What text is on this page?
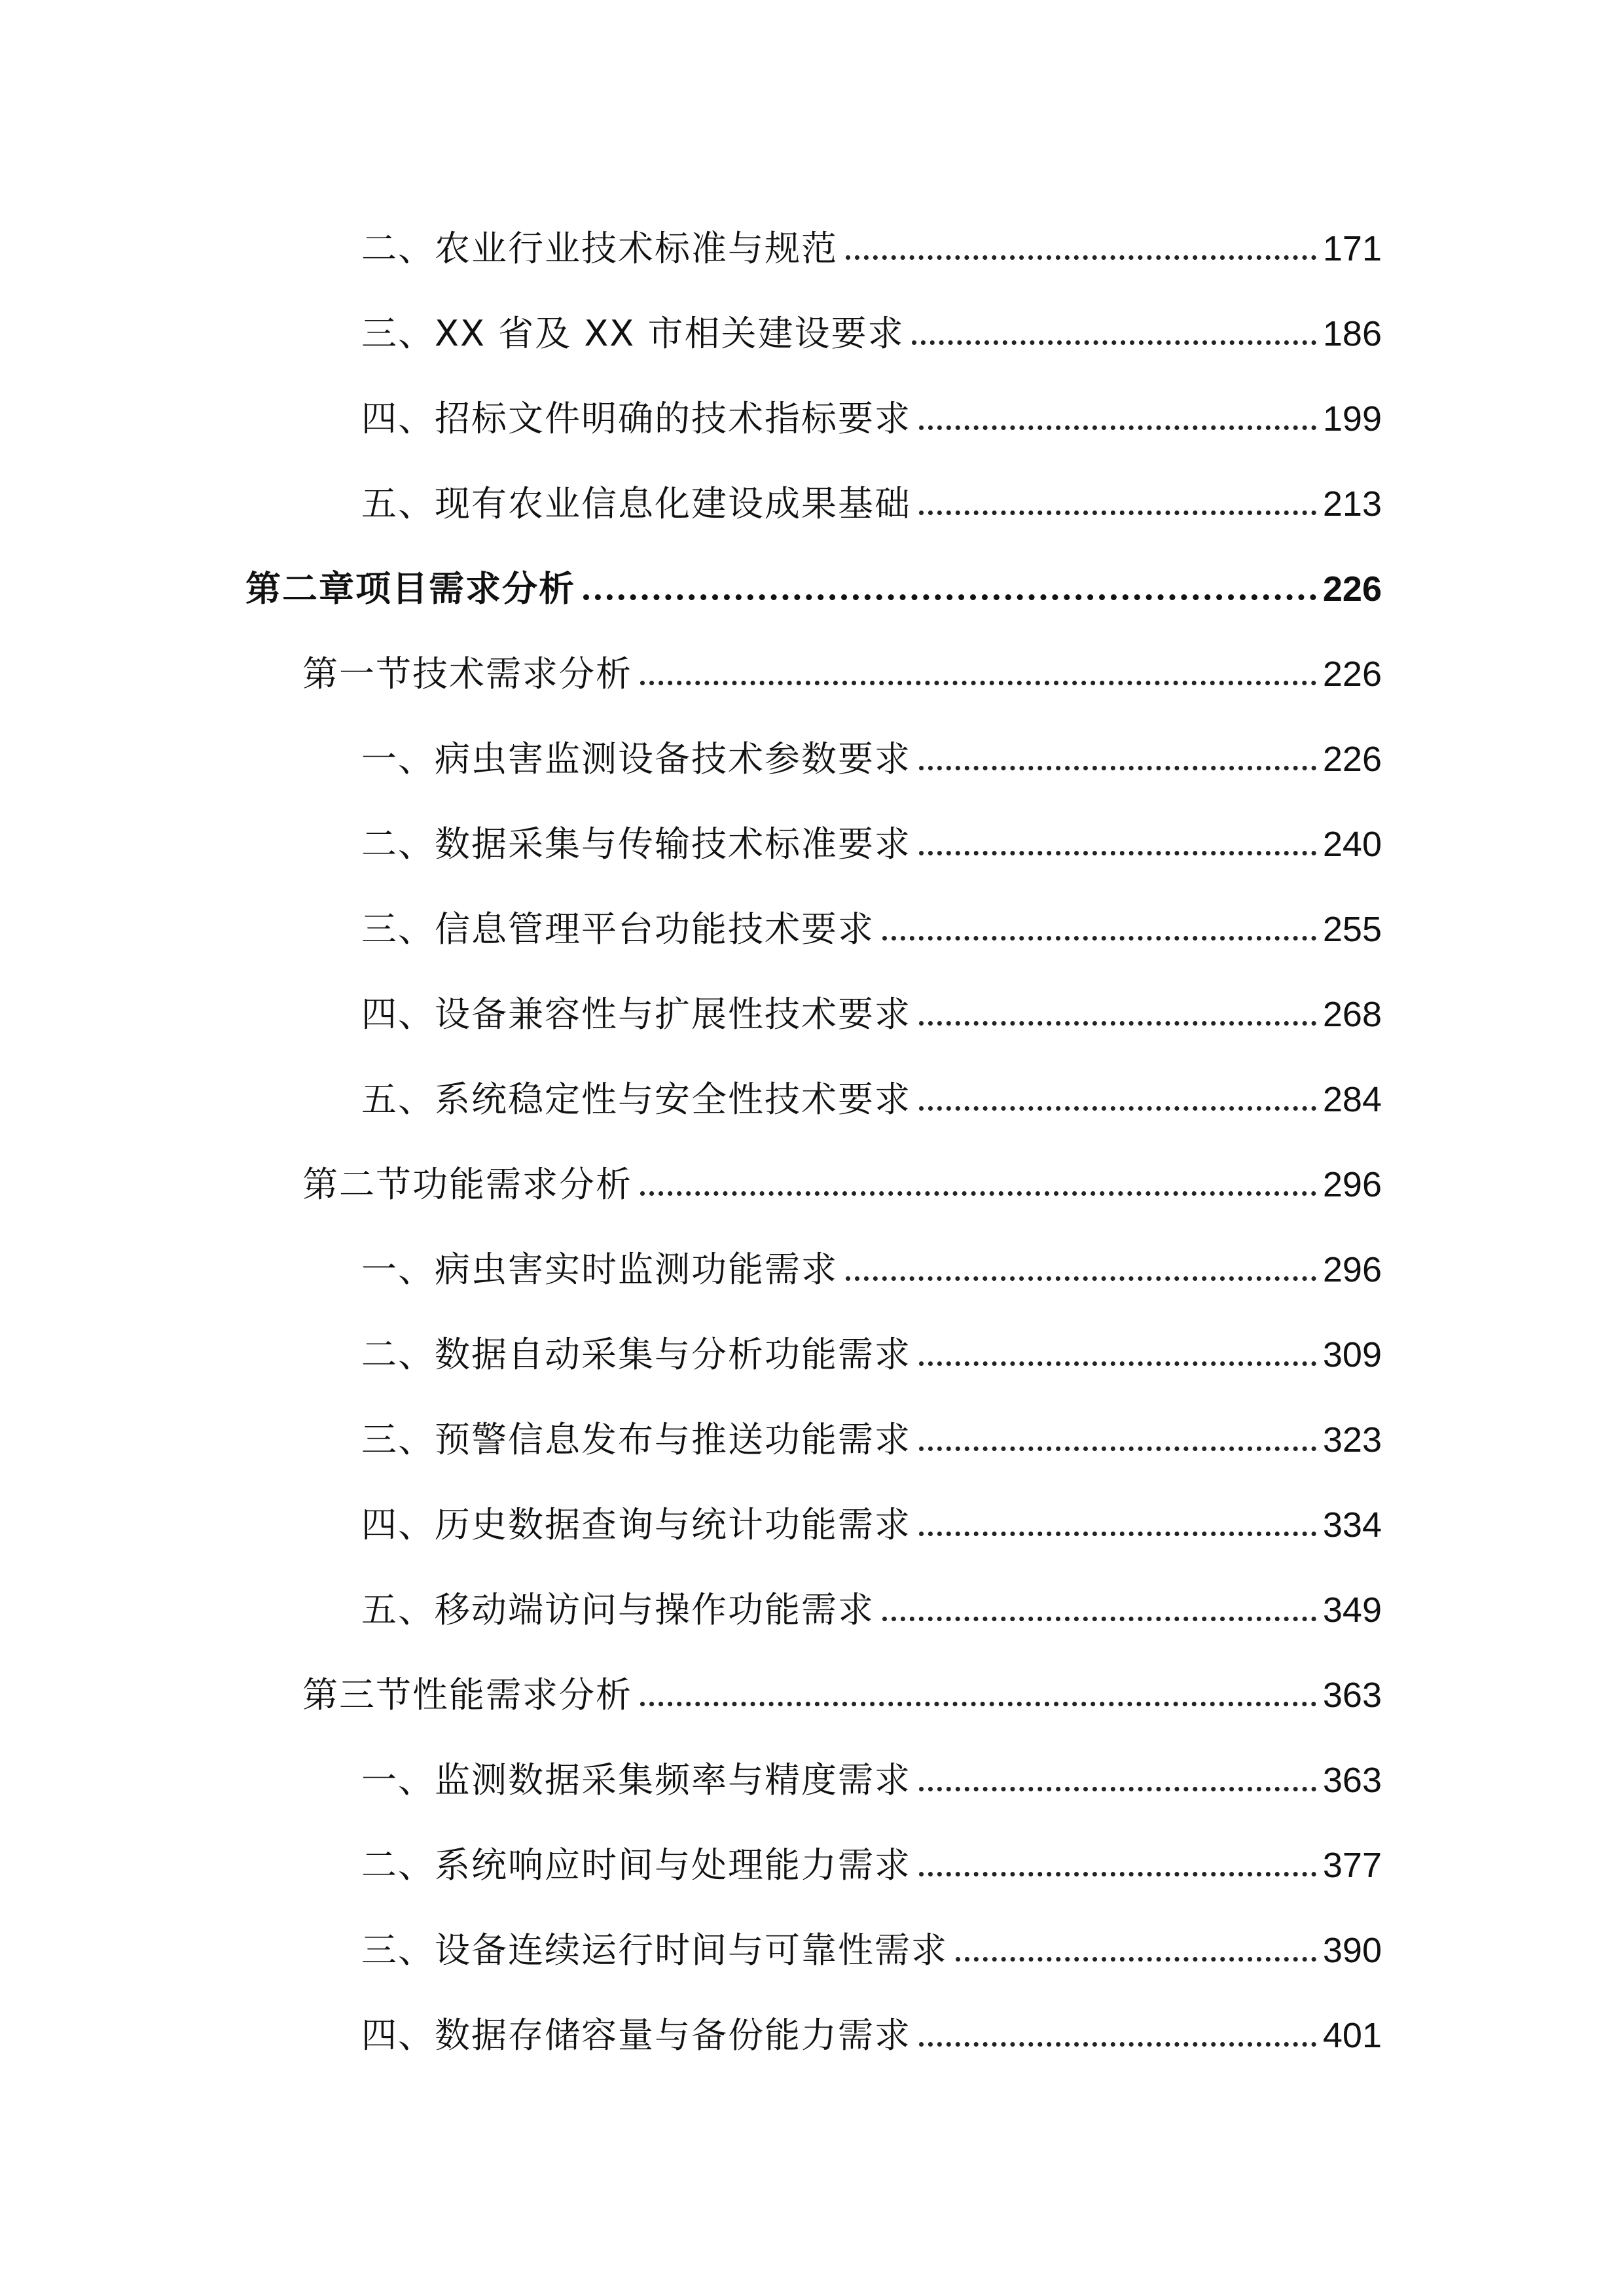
二、农业行业技术标准与规范	171
三、XX 省及 XX 市相关建设要求	186
四、招标文件明确的技术指标要求	199
五、现有农业信息化建设成果基础	213
第二章项目需求分析	226
第一节技术需求分析	226
一、病虫害监测设备技术参数要求	226
二、数据采集与传输技术标准要求	240
三、信息管理平台功能技术要求	255
四、设备兼容性与扩展性技术要求	268
五、系统稳定性与安全性技术要求	284
第二节功能需求分析	296
一、病虫害实时监测功能需求	296
二、数据自动采集与分析功能需求	309
三、预警信息发布与推送功能需求	323
四、历史数据查询与统计功能需求	334
五、移动端访问与操作功能需求	349
第三节性能需求分析	363
一、监测数据采集频率与精度需求	363
二、系统响应时间与处理能力需求	377
三、设备连续运行时间与可靠性需求	390
四、数据存储容量与备份能力需求	401
